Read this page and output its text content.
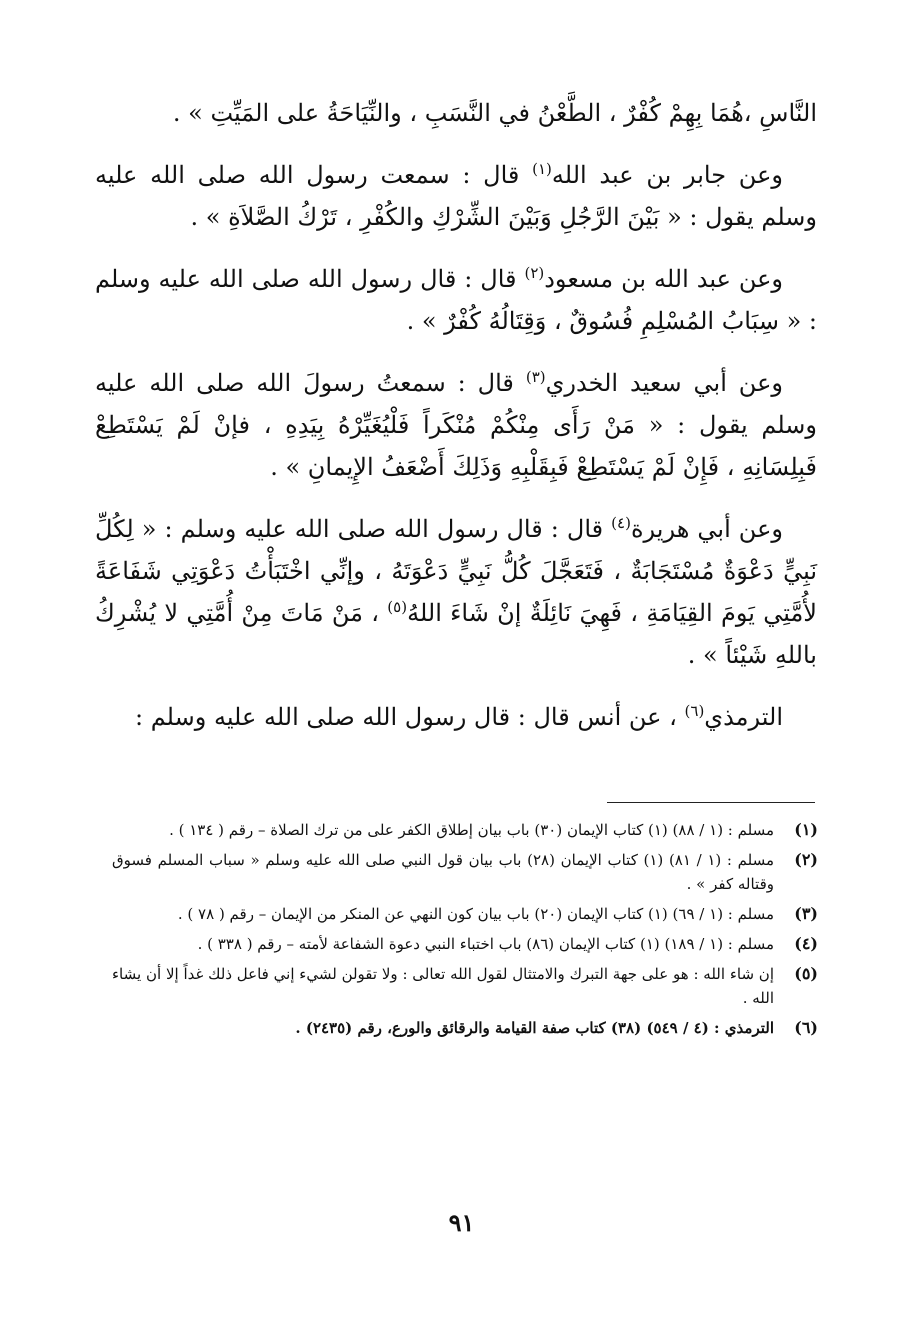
النَّاسِ ،هُمَا بِهِمْ كُفْرٌ ، الطَّعْنُ في النَّسَبِ ، والنِّيَاحَةُ على المَيِّتِ » .

وعن جابر بن عبد الله$^{(١)}$ قال : سمعت رسول الله صلى الله عليه وسلم يقول : « بَيْنَ الرَّجُلِ وَبَيْنَ الشِّرْكِ والكُفْرِ ، تَرْكُ الصَّلاَةِ » .

وعن عبد الله بن مسعود$^{(٢)}$ قال : قال رسول الله صلى الله عليه وسلم : « سِبَابُ المُسْلِمِ فُسُوقٌ ، وَقِتَالُهُ كُفْرٌ » .

وعن أبي سعيد الخدري$^{(٣)}$ قال : سمعتُ رسولَ الله صلى الله عليه وسلم يقول : « مَنْ رَأَى مِنْكُمْ مُنْكَراً فَلْيُغَيِّرْهُ بِيَدِهِ ، فإنْ لَمْ يَسْتَطِعْ فَبِلِسَانِهِ ، فَإِنْ لَمْ يَسْتَطِعْ فَبِقَلْبِهِ وَذَلِكَ أَضْعَفُ الإِيمانِ » .

وعن أبي هريرة$^{(٤)}$ قال : قال رسول الله صلى الله عليه وسلم : « لِكُلِّ نَبِيٍّ دَعْوَةٌ مُسْتَجَابَةٌ ، فَتَعَجَّلَ كُلُّ نَبِيٍّ دَعْوَتَهُ ، وإنِّي اخْتَبَأْتُ دَعْوَتِي شَفَاعَةً لأُمَّتِي يَومَ القِيَامَةِ ، فَهِيَ نَائِلَةٌ إنْ شَاءَ اللهُ$^{(٥)}$ ، مَنْ مَاتَ مِنْ أُمَّتِي لا يُشْرِكُ باللهِ شَيْئاً » .

الترمذي$^{(٦)}$ ، عن أنس قال : قال رسول الله صلى الله عليه وسلم :

(١)
مسلم : (١ / ٨٨) (١) كتاب الإيمان (٣٠) باب بيان إطلاق الكفر على من ترك الصلاة – رقم ( ١٣٤ ) .
(٢)
مسلم : (١ / ٨١) (١) كتاب الإيمان (٢٨) باب بيان قول النبي صلى الله عليه وسلم « سباب المسلم فسوق وقتاله كفر » .
(٣)
مسلم : (١ / ٦٩) (١) كتاب الإيمان (٢٠) باب بيان كون النهي عن المنكر من الإيمان – رقم ( ٧٨ ) .
(٤)
مسلم : (١ / ١٨٩) (١) كتاب الإيمان (٨٦) باب اختباء النبي دعوة الشفاعة لأمته – رقم ( ٣٣٨ ) .
(٥)
إن شاء الله : هو على جهة التبرك والامتثال لقول الله تعالى : ولا تقولن لشيء إني فاعل ذلك غداً إلا أن يشاء الله .
(٦)
الترمذي : (٤ / ٥٤٩) (٣٨) كتاب صفة القيامة والرقائق والورع، رقم (٢٤٣٥) .
٩١
